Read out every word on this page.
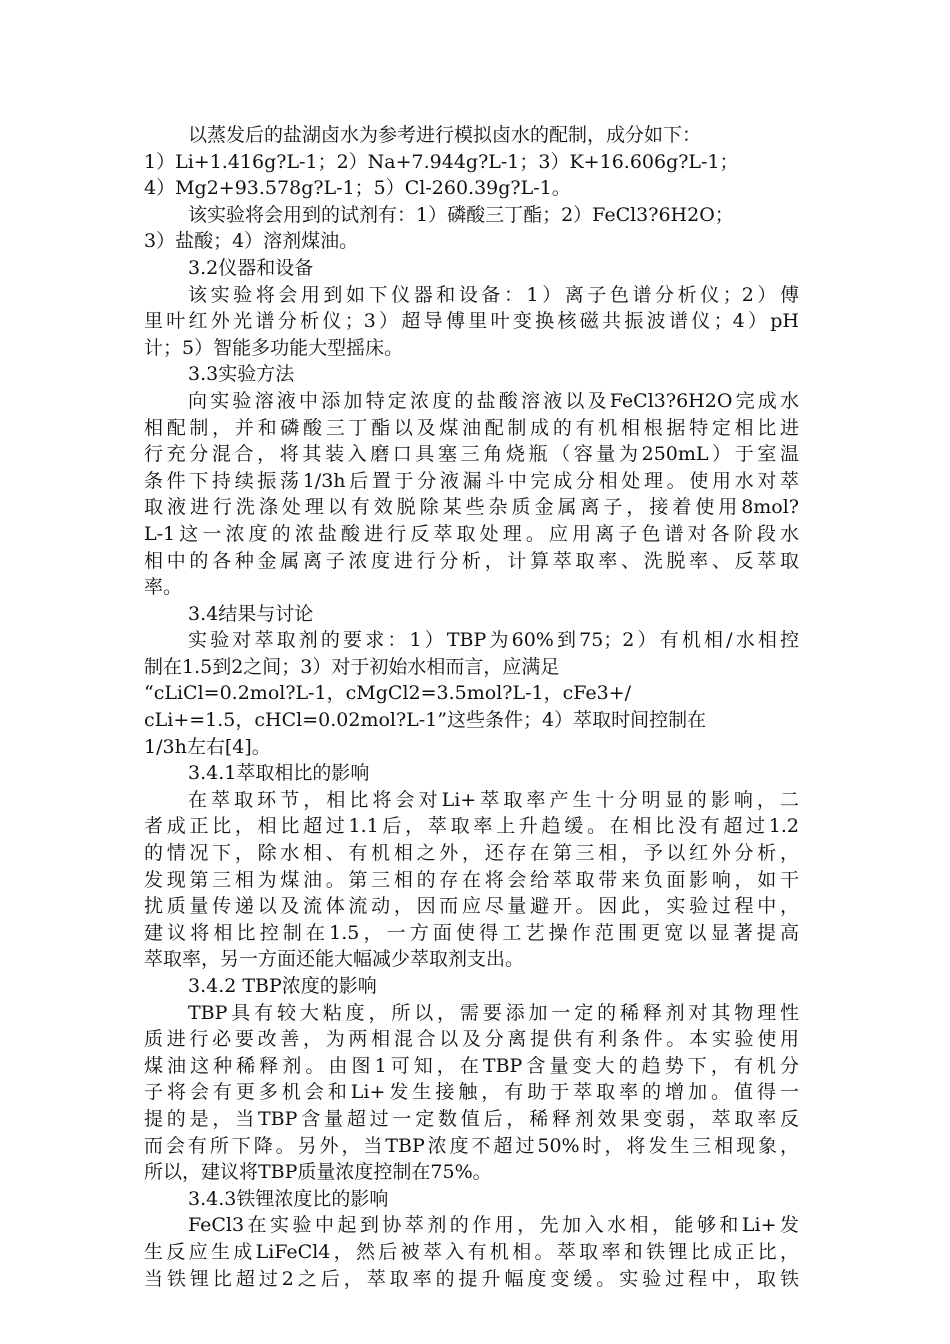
以蒸发后的盐湖卤水为参考进行模拟卤水的配制，成分如下：
1）Li+1.416g?L-1；2）Na+7.944g?L-1；3）K+16.606g?L-1；
4）Mg2+93.578g?L-1；5）Cl-260.39g?L-1。
该实验将会用到的试剂有：1）磷酸三丁酯；2）FeCl3?6H2O；
3）盐酸；4）溶剂煤油。
3.2仪器和设备
该实验将会用到如下仪器和设备：1）离子色谱分析仪；2）傅
里叶红外光谱分析仪；3）超导傅里叶变换核磁共振波谱仪；4）pH
计；5）智能多功能大型摇床。
3.3实验方法
向实验溶液中添加特定浓度的盐酸溶液以及FeCl3?6H2O完成水
相配制，并和磷酸三丁酯以及煤油配制成的有机相根据特定相比进
行充分混合，将其装入磨口具塞三角烧瓶（容量为250mL）于室温
条件下持续振荡1/3h后置于分液漏斗中完成分相处理。使用水对萃
取液进行洗涤处理以有效脱除某些杂质金属离子，接着使用8mol?
L-1这一浓度的浓盐酸进行反萃取处理。应用离子色谱对各阶段水
相中的各种金属离子浓度进行分析，计算萃取率、洗脱率、反萃取
率。
3.4结果与讨论
实验对萃取剂的要求：1）TBP为60%到75；2）有机相/水相控
制在1.5到2之间；3）对于初始水相而言，应满足
“cLiCl=0.2mol?L-1，cMgCl2=3.5mol?L-1，cFe3+/
cLi+=1.5，cHCl=0.02mol?L-1”这些条件；4）萃取时间控制在
1/3h左右[4]。
3.4.1萃取相比的影响
在萃取环节，相比将会对Li+萃取率产生十分明显的影响，二
者成正比，相比超过1.1后，萃取率上升趋缓。在相比没有超过1.2
的情况下，除水相、有机相之外，还存在第三相，予以红外分析，
发现第三相为煤油。第三相的存在将会给萃取带来负面影响，如干
扰质量传递以及流体流动，因而应尽量避开。因此，实验过程中，
建议将相比控制在1.5，一方面使得工艺操作范围更宽以显著提高
萃取率，另一方面还能大幅减少萃取剂支出。
3.4.2 TBP浓度的影响
TBP具有较大粘度，所以，需要添加一定的稀释剂对其物理性
质进行必要改善，为两相混合以及分离提供有利条件。本实验使用
煤油这种稀释剂。由图1可知，在TBP含量变大的趋势下，有机分
子将会有更多机会和Li+发生接触，有助于萃取率的增加。值得一
提的是，当TBP含量超过一定数值后，稀释剂效果变弱，萃取率反
而会有所下降。另外，当TBP浓度不超过50%时，将发生三相现象，
所以，建议将TBP质量浓度控制在75%。
3.4.3铁锂浓度比的影响
FeCl3在实验中起到协萃剂的作用，先加入水相，能够和Li+发
生反应生成LiFeCl4，然后被萃入有机相。萃取率和铁锂比成正比，
当铁锂比超过2之后，萃取率的提升幅度变缓。实验过程中，取铁
